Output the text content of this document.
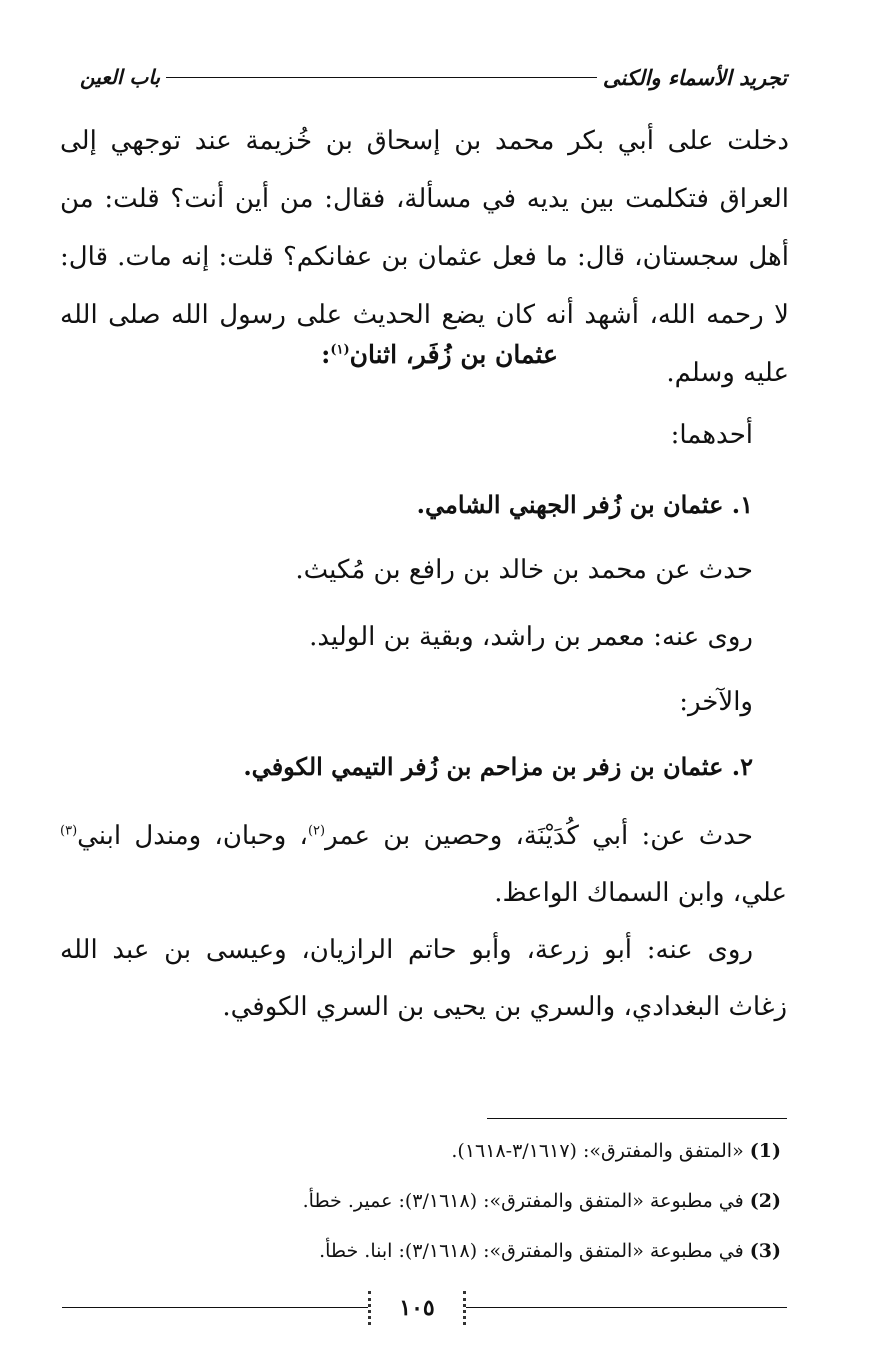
تجريد الأسماء والكنى
باب العين
دخلت على أبي بكر محمد بن إسحاق بن خُزيمة عند توجهي إلى العراق فتكلمت بين يديه في مسألة، فقال: من أين أنت؟ قلت: من أهل سجستان، قال: ما فعل عثمان بن عفانكم؟ قلت: إنه مات. قال: لا رحمه الله، أشهد أنه كان يضع الحديث على رسول الله صلى الله عليه وسلم.
عثمان بن زُفَر، اثنان$^{(١)}$:
أحدهما:
١. عثمان بن زُفر الجهني الشامي.
حدث عن محمد بن خالد بن رافع بن مُكيث.
روى عنه: معمر بن راشد، وبقية بن الوليد.
والآخر:
٢. عثمان بن زفر بن مزاحم بن زُفر التيمي الكوفي.
حدث عن: أبي كُدَيْنَة، وحصين بن عمر$^{(٢)}$، وحبان، ومندل ابني$^{(٣)}$ علي، وابن السماك الواعظ.
روى عنه: أبو زرعة، وأبو حاتم الرازيان، وعيسى بن عبد الله زغاث البغدادي، والسري بن يحيى بن السري الكوفي.
(1) «المتفق والمفترق»: (٣/١٦١٧-١٦١٨).
(2) في مطبوعة «المتفق والمفترق»: (٣/١٦١٨): عمير. خطأ.
(3) في مطبوعة «المتفق والمفترق»: (٣/١٦١٨): ابنا. خطأ.
١٠٥
